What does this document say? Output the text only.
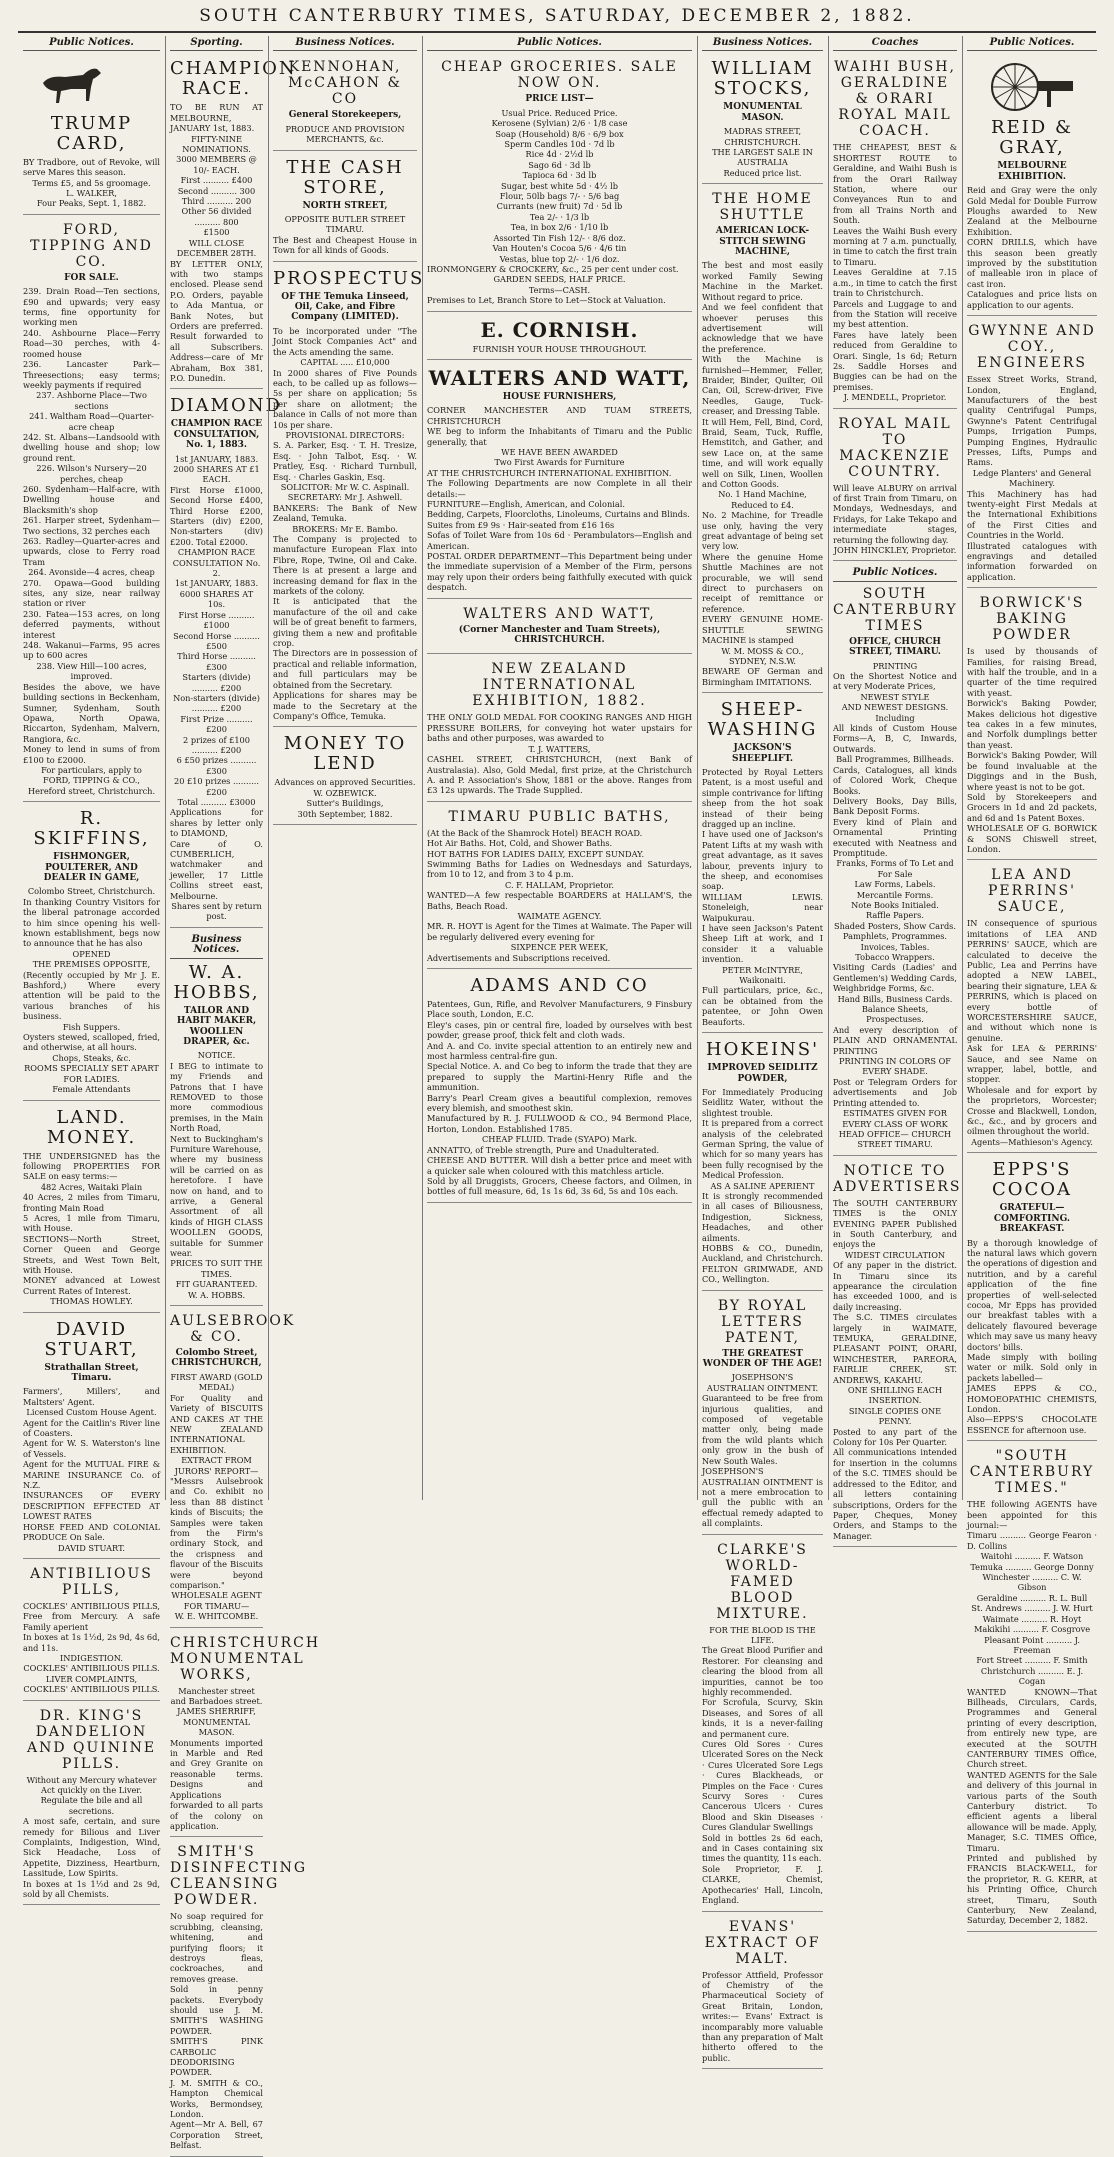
SOUTH CANTERBURY TIMES, SATURDAY, DECEMBER 2, 1882.
Public Notices.
TRUMP CARD,

BY Tradbore, out of Revoke, will serve Mares this season.

Terms £5, and 5s groomage.

L. WALKER,

Four Peaks, Sept. 1, 1882.

FORD, TIPPING AND CO.
FOR SALE.

239. Drain Road—Ten sections, £90 and upwards; very easy terms, fine opportunity for working men

240. Ashbourne Place—Ferry Road—30 perches, with 4-roomed house

236. Lancaster Park—Threesections; easy terms; weekly payments if required

237. Ashborne Place—Two sections

241. Waltham Road—Quarter-acre cheap

242. St. Albans—Landsoold with dwelling house and shop; low ground rent.

226. Wilson's Nursery—20 perches, cheap

260. Sydenham—Half-acre, with Dwelling house and Blacksmith's shop

261. Harper street, Sydenham—Two sections, 32 perches each

263. Radley—Quarter-acres and upwards, close to Ferry road Tram

264. Avonside—4 acres, cheap

270. Opawa—Good building sites, any size, near railway station or river

230. Fatea—153 acres, on long deferred payments, without interest

248. Wakanui—Farms, 95 acres up to 600 acres

238. View Hill—100 acres, improved.

Besides the above, we have building sections in Beckenham, Sumner, Sydenham, South Opawa, North Opawa, Riccarton, Sydenham, Malvern, Rangiora, &c.

Money to lend in sums of from £100 to £2000.

For particulars, apply to

FORD, TIPPING & CO.,

Hereford street, Christchurch.

R. SKIFFINS,
FISHMONGER, POULTERER, AND DEALER IN GAME,

Colombo Street, Christchurch.

In thanking Country Visitors for the liberal patronage accorded to him since opening his well-known establishment, begs now to announce that he has also

OPENED

THE PREMISES OPPOSITE,

(Recently occupied by Mr J. E. Bashford,) Where every attention will be paid to the various branches of his business.

Fish Suppers.

Oysters stewed, scalloped, fried, and otherwise, at all hours.

Chops, Steaks, &c.

ROOMS SPECIALLY SET APART FOR LADIES.

Female Attendants

LAND. MONEY.

THE UNDERSIGNED has the following PROPERTIES FOR SALE on easy terms:—

482 Acres, Waitaki Plain

40 Acres, 2 miles from Timaru, fronting Main Road

5 Acres, 1 mile from Timaru, with House.

SECTIONS—North Street, Corner Queen and George Streets, and West Town Belt, with House.

MONEY advanced at Lowest Current Rates of Interest.

THOMAS HOWLEY.

DAVID STUART,
Strathallan Street, Timaru.

Farmers', Millers', and Maltsters' Agent.

Licensed Custom House Agent.

Agent for the Caitlin's River line of Coasters.

Agent for W. S. Waterston's line of Vessels.

Agent for the MUTUAL FIRE & MARINE INSURANCE Co. of N.Z.

INSURANCES OF EVERY DESCRIPTION EFFECTED AT LOWEST RATES

HORSE FEED AND COLONIAL PRODUCE On Sale.

DAVID STUART.

ANTIBILIOUS PILLS,

COCKLES' ANTIBILIOUS PILLS, Free from Mercury. A safe Family aperient

In boxes at 1s 1½d, 2s 9d, 4s 6d, and 11s.

INDIGESTION.

COCKLES' ANTIBILIOUS PILLS.

LIVER COMPLAINTS,

COCKLES' ANTIBILIOUS PILLS.

DR. KING'S DANDELION AND QUININE PILLS.

Without any Mercury whatever

Act quickly on the Liver.

Regulate the bile and all secretions.

A most safe, certain, and sure remedy for Bilious and Liver Complaints, Indigestion, Wind, Sick Headache, Loss of Appetite, Dizziness, Heartburn, Lassitude, Low Spirits.

In boxes at 1s 1½d and 2s 9d, sold by all Chemists.

Sporting.
CHAMPION RACE.

TO BE RUN AT MELBOURNE, JANUARY 1st, 1883.

FIFTY-NINE NOMINATIONS.

3000 MEMBERS @ 10/- EACH.

First .......... £400

Second .......... 300

Third .......... 200

Other 56 divided .......... 800

£1500

WILL CLOSE DECEMBER 28TH.

BY LETTER ONLY, with two stamps enclosed. Please send P.O. Orders, payable to Ada Mantua, or Bank Notes, but Orders are preferred. Result forwarded to all Subscribers. Address—care of Mr Abraham, Box 381, P.O. Dunedin.

DIAMOND
CHAMPION RACE CONSULTATION, No. 1, 1883.

1st JANUARY, 1883.

2000 SHARES AT £1 EACH.

First Horse £1000, Second Horse £400, Third Horse £200, Starters (div) £200, Non-starters (div) £200. Total £2000.

CHAMPION RACE CONSULTATION No. 2.

1st JANUARY, 1883.

6000 SHARES AT 10s.

First Horse .......... £1000

Second Horse .......... £500

Third Horse .......... £300

Starters (divide) .......... £200

Non-starters (divide) .......... £200

First Prize .......... £200

2 prizes of £100 .......... £200

6 £50 prizes .......... £300

20 £10 prizes .......... £200

Total .......... £3000

Applications for shares by letter only to DIAMOND,

Care of O. CUMBERLICH, watchmaker and jeweller, 17 Little Collins street east, Melbourne.

Shares sent by return post.

Business Notices.
W. A. HOBBS,
TAILOR AND HABIT MAKER, WOOLLEN DRAPER, &c.

NOTICE.

I BEG to intimate to my Friends and Patrons that I have REMOVED to those more commodious premises, in the Main North Road,

Next to Buckingham's Furniture Warehouse,

where my business will be carried on as heretofore. I have now on hand, and to arrive, a General Assortment of all kinds of HIGH CLASS WOOLLEN GOODS, suitable for Summer wear.

PRICES TO SUIT THE TIMES.

FIT GUARANTEED.

W. A. HOBBS.

AULSEBROOK & CO.
Colombo Street, CHRISTCHURCH,

FIRST AWARD (GOLD MEDAL)

For Quality and Variety of BISCUITS AND CAKES AT THE NEW ZEALAND INTERNATIONAL EXHIBITION.

EXTRACT FROM JURORS' REPORT—

"Messrs Aulsebrook and Co. exhibit no less than 88 distinct kinds of Biscuits; the Samples were taken from the Firm's ordinary Stock, and the crispness and flavour of the Biscuits were beyond comparison."

WHOLESALE AGENT FOR TIMARU—

W. E. WHITCOMBE.

CHRISTCHURCH MONUMENTAL WORKS,

Manchester street and Barbadoes street.

JAMES SHERRIFF, MONUMENTAL MASON.

Monuments imported in Marble and Red and Grey Granite on reasonable terms. Designs and Applications forwarded to all parts of the colony on application.

SMITH'S DISINFECTING CLEANSING POWDER.

No soap required for scrubbing, cleansing, whitening, and purifying floors; it destroys fleas, cockroaches, and removes grease.

Sold in penny packets. Everybody should use J. M. SMITH'S WASHING POWDER.

SMITH'S PINK CARBOLIC DEODORISING POWDER.

J. M. SMITH & CO., Hampton Chemical Works, Bermondsey, London.

Agent—Mr A. Bell, 67 Corporation Street, Belfast.

Business Notices.
KENNOHAN, McCAHON & CO
General Storekeepers,

PRODUCE AND PROVISION MERCHANTS, &c.

THE CASH STORE,
NORTH STREET,

OPPOSITE BUTLER STREET

TIMARU.

The Best and Cheapest House in Town for all kinds of Goods.

PROSPECTUS
OF THE Temuka Linseed, Oil, Cake, and Fibre Company (LIMITED).

To be incorporated under "The Joint Stock Companies Act" and the Acts amending the same.

CAPITAL ..... £10,000

In 2000 shares of Five Pounds each, to be called up as follows—5s per share on application; 5s per share on allotment; the balance in Calls of not more than 10s per share.

PROVISIONAL DIRECTORS:

S. A. Parker, Esq. · T. H. Tresize, Esq. · John Talbot, Esq. · W. Pratley, Esq. · Richard Turnbull, Esq. · Charles Gaskin, Esq.

SOLICITOR: Mr W. C. Aspinall.

SECRETARY: Mr J. Ashwell.

BANKERS: The Bank of New Zealand, Temuka.

BROKERS: Mr E. Bambo.

The Company is projected to manufacture European Flax into Fibre, Rope, Twine, Oil and Cake. There is at present a large and increasing demand for flax in the markets of the colony.

It is anticipated that the manufacture of the oil and cake will be of great benefit to farmers, giving them a new and profitable crop.

The Directors are in possession of practical and reliable information, and full particulars may be obtained from the Secretary.

Applications for shares may be made to the Secretary at the Company's Office, Temuka.

MONEY TO LEND

Advances on approved Securities.

W. OZBEWICK.

Sutter's Buildings,

30th September, 1882.

Public Notices.
CHEAP GROCERIES. SALE NOW ON.
PRICE LIST—

Usual Price. Reduced Price.

Kerosene (Sylvian) 2/6 · 1/8 case

Soap (Household) 8/6 · 6/9 box

Sperm Candles 10d · 7d lb

Rice 4d · 2½d lb

Sago 6d · 3d lb

Tapioca 6d · 3d lb

Sugar, best white 5d · 4½ lb

Flour, 50lb bags 7/- · 5/6 bag

Currants (new fruit) 7d · 5d lb

Tea 2/- · 1/3 lb

Tea, in box 2/6 · 1/10 lb

Assorted Tin Fish 12/- · 8/6 doz.

Van Houten's Cocoa 5/6 · 4/6 tin

Vestas, blue top 2/- · 1/6 doz.

IRONMONGERY & CROCKERY, &c., 25 per cent under cost.

GARDEN SEEDS, HALF PRICE.

Terms—CASH.

Premises to Let, Branch Store to Let—Stock at Valuation.

E. CORNISH.

FURNISH YOUR HOUSE THROUGHOUT.

WALTERS AND WATT,
HOUSE FURNISHERS,

CORNER MANCHESTER AND TUAM STREETS, CHRISTCHURCH

WE beg to inform the Inhabitants of Timaru and the Public generally, that

WE HAVE BEEN AWARDED

Two First Awards for Furniture

AT THE CHRISTCHURCH INTERNATIONAL EXHIBITION.

The Following Departments are now Complete in all their details:—

FURNITURE—English, American, and Colonial.

Bedding, Carpets, Floorcloths, Linoleums, Curtains and Blinds.

Suites from £9 9s · Hair-seated from £16 16s

Sofas of Toilet Ware from 10s 6d · Perambulators—English and American.

POSTAL ORDER DEPARTMENT—This Department being under the immediate supervision of a Member of the Firm, persons may rely upon their orders being faithfully executed with quick despatch.

WALTERS AND WATT,
(Corner Manchester and Tuam Streets), CHRISTCHURCH.
NEW ZEALAND INTERNATIONAL EXHIBITION, 1882.

THE ONLY GOLD MEDAL FOR COOKING RANGES AND HIGH PRESSURE BOILERS, for conveying hot water upstairs for baths and other purposes, was awarded to

T. J. WATTERS,

CASHEL STREET, CHRISTCHURCH, (next Bank of Australasia). Also, Gold Medal, first prize, at the Christchurch A. and P. Association's Show, 1881 or the above. Ranges from £3 12s upwards. The Trade Supplied.

TIMARU PUBLIC BATHS,

(At the Back of the Shamrock Hotel) BEACH ROAD.

Hot Air Baths. Hot, Cold, and Shower Baths.

HOT BATHS FOR LADIES DAILY, EXCEPT SUNDAY.

Swimming Baths for Ladies on Wednesdays and Saturdays, from 10 to 12, and from 3 to 4 p.m.

C. F. HALLAM, Proprietor.

WANTED—A few respectable BOARDERS at HALLAM'S, the Baths, Beach Road.

WAIMATE AGENCY.

MR. R. HOYT is Agent for the Times at Waimate. The Paper will be regularly delivered every evening for

SIXPENCE PER WEEK,

Advertisements and Subscriptions received.

ADAMS AND CO

Patentees, Gun, Rifle, and Revolver Manufacturers, 9 Finsbury Place south, London, E.C.

Eley's cases, pin or central fire, loaded by ourselves with best powder, grease proof, thick felt and cloth wads.

And A. and Co. invite special attention to an entirely new and most harmless central-fire gun.

Special Notice. A. and Co beg to inform the trade that they are prepared to supply the Martini-Henry Rifle and the ammunition.

Barry's Pearl Cream gives a beautiful complexion, removes every blemish, and smoothest skin.

Manufactured by R. J. FULLWOOD & CO., 94 Bermond Place, Horton, London. Established 1785.

CHEAP FLUID. Trade (SYAPO) Mark.

ANNATTO, of Treble strength, Pure and Unadulterated.

CHEESE AND BUTTER. Will dish a better price and meet with a quicker sale when coloured with this matchless article.

Sold by all Druggists, Grocers, Cheese factors, and Oilmen, in bottles of full measure, 6d, 1s 1s 6d, 3s 6d, 5s and 10s each.

Business Notices.
WILLIAM STOCKS,
MONUMENTAL MASON.

MADRAS STREET, CHRISTCHURCH.

THE LARGEST SALE IN AUSTRALIA

Reduced price list.

THE HOME SHUTTLE
AMERICAN LOCK-STITCH SEWING MACHINE,

The best and most easily worked Family Sewing Machine in the Market. Without regard to price.

And we feel confident that whoever peruses this advertisement will acknowledge that we have the preference.

With the Machine is furnished—Hemmer, Feller, Braider, Binder, Quilter, Oil Can, Oil, Screw-driver, Five Needles, Gauge, Tuck-creaser, and Dressing Table.

It will Hem, Fell, Bind, Cord, Braid, Seam, Tuck, Ruffle, Hemstitch, and Gather, and sew Lace on, at the same time, and will work equally well on Silk, Linen, Woollen and Cotton Goods.

No. 1 Hand Machine, Reduced to £4.

No. 2 Machine, for Treadle use only, having the very great advantage of being set very low.

Where the genuine Home Shuttle Machines are not procurable, we will send direct to purchasers on receipt of remittance or reference.

EVERY GENUINE HOME-SHUTTLE SEWING MACHINE is stamped

W. M. MOSS & CO., SYDNEY, N.S.W.

BEWARE OF German and Birmingham IMITATIONS.

SHEEP-WASHING
JACKSON'S SHEEPLIFT.

Protected by Royal Letters Patent, is a most useful and simple contrivance for lifting sheep from the hot soak instead of their being dragged up an incline.

I have used one of Jackson's Patent Lifts at my wash with great advantage, as it saves labour, prevents injury to the sheep, and economises soap.

WILLIAM LEWIS. Stoneleigh, near Waipukurau.

I have seen Jackson's Patent Sheep Lift at work, and I consider it a valuable invention.

PETER McINTYRE, Waikonaiti.

Full particulars, price, &c., can be obtained from the patentee, or John Owen Beauforts.

HOKEINS'
IMPROVED SEIDLITZ POWDER,

For Immediately Producing Seidlitz Water, without the slightest trouble.

It is prepared from a correct analysis of the celebrated German Spring, the value of which for so many years has been fully recognised by the Medical Profession.

AS A SALINE APERIENT

It is strongly recommended in all cases of Biliousness, Indigestion, Sickness, Headaches, and other ailments.

HOBBS & CO., Dunedin, Auckland, and Christchurch. FELTON GRIMWADE, AND CO., Wellington.

BY ROYAL LETTERS PATENT,
THE GREATEST WONDER OF THE AGE!

JOSEPHSON'S AUSTRALIAN OINTMENT.

Guaranteed to be free from injurious qualities, and composed of vegetable matter only, being made from the wild plants which only grow in the bush of New South Wales.

JOSEPHSON'S AUSTRALIAN OINTMENT is not a mere embrocation to gull the public with an effectual remedy adapted to all complaints.

CLARKE'S WORLD-FAMED BLOOD MIXTURE.

FOR THE BLOOD IS THE LIFE.

The Great Blood Purifier and Restorer. For cleansing and clearing the blood from all impurities, cannot be too highly recommended.

For Scrofula, Scurvy, Skin Diseases, and Sores of all kinds, it is a never-failing and permanent cure.

Cures Old Sores · Cures Ulcerated Sores on the Neck · Cures Ulcerated Sore Legs · Cures Blackheads, or Pimples on the Face · Cures Scurvy Sores · Cures Cancerous Ulcers · Cures Blood and Skin Diseases · Cures Glandular Swellings

Sold in bottles 2s 6d each, and in Cases containing six times the quantity, 11s each.

Sole Proprietor, F. J. CLARKE, Chemist, Apothecaries' Hall, Lincoln, England.

EVANS' EXTRACT OF MALT.

Professor Attfield, Professor of Chemistry of the Pharmaceutical Society of Great Britain, London, writes:— Evans' Extract is incomparably more valuable than any preparation of Malt hitherto offered to the public.

Coaches
WAIHI BUSH, GERALDINE & ORARI ROYAL MAIL COACH.

THE CHEAPEST, BEST & SHORTEST ROUTE to Geraldine, and Waihi Bush is from the Orari Railway Station, where our Conveyances Run to and from all Trains North and South.

Leaves the Waihi Bush every morning at 7 a.m. punctually, in time to catch the first train to Timaru.

Leaves Geraldine at 7.15 a.m., in time to catch the first train to Christchurch.

Parcels and Luggage to and from the Station will receive my best attention.

Fares have lately been reduced from Geraldine to Orari. Single, 1s 6d; Return 2s. Saddle Horses and Buggies can be had on the premises.

J. MENDELL, Proprietor.

ROYAL MAIL TO MACKENZIE COUNTRY.

Will leave ALBURY on arrival of first Train from Timaru, on Mondays, Wednesdays, and Fridays, for Lake Tekapo and intermediate stages, returning the following day.

JOHN HINCKLEY, Proprietor.

Public Notices.
SOUTH CANTERBURY TIMES
OFFICE, CHURCH STREET, TIMARU.

PRINTING

On the Shortest Notice and at very Moderate Prices,

NEWEST STYLE

AND NEWEST DESIGNS.

Including

All kinds of Custom House Forms—A, B, C, Inwards, Outwards.

Ball Programmes, Billheads.

Cards, Catalogues, all kinds of Colored Work, Cheque Books.

Delivery Books, Day Bills, Bank Deposit Forms.

Every kind of Plain and Ornamental Printing executed with Neatness and Promptitude.

Franks, Forms of To Let and For Sale

Law Forms, Labels.

Mercantile Forms.

Note Books Initialed.

Raffle Papers.

Shaded Posters, Show Cards.

Pamphlets, Programmes.

Invoices, Tables.

Tobacco Wrappers.

Visiting Cards (Ladies' and Gentlemen's) Wedding Cards, Weighbridge Forms, &c.

Hand Bills, Business Cards.

Balance Sheets, Prospectuses.

And every description of PLAIN AND ORNAMENTAL PRINTING

PRINTING IN COLORS OF EVERY SHADE.

Post or Telegram Orders for advertisements and Job Printing attended to.

ESTIMATES GIVEN FOR EVERY CLASS OF WORK

HEAD OFFICE— CHURCH STREET TIMARU.

NOTICE TO ADVERTISERS

The SOUTH CANTERBURY TIMES is the ONLY EVENING PAPER Published in South Canterbury, and enjoys the

WIDEST CIRCULATION

Of any paper in the district. In Timaru since its appearance the circulation has exceeded 1000, and is daily increasing.

The S.C. TIMES circulates largely in WAIMATE, TEMUKA, GERALDINE, PLEASANT POINT, ORARI, WINCHESTER, PAREORA, FAIRLIE CREEK, ST. ANDREWS, KAKAHU.

ONE SHILLING EACH INSERTION.

SINGLE COPIES ONE PENNY.

Posted to any part of the Colony for 10s Per Quarter.

All communications intended for insertion in the columns of the S.C. TIMES should be addressed to the Editor, and all letters containing subscriptions, Orders for the Paper, Cheques, Money Orders, and Stamps to the Manager.

Public Notices.
REID & GRAY,
MELBOURNE EXHIBITION.

Reid and Gray were the only Gold Medal for Double Furrow Ploughs awarded to New Zealand at the Melbourne Exhibition.

CORN DRILLS, which have this season been greatly improved by the substitution of malleable iron in place of cast iron.

Catalogues and price lists on application to our agents.

GWYNNE AND COY., ENGINEERS

Essex Street Works, Strand, London, England, Manufacturers of the best quality Centrifugal Pumps, Gwynne's Patent Centrifugal Pumps, Irrigation Pumps, Pumping Engines, Hydraulic Presses, Lifts, Pumps and Rams.

Ledge Planters' and General Machinery.

This Machinery has had twenty-eight First Medals at the International Exhibitions of the First Cities and Countries in the World.

Illustrated catalogues with engravings and detailed information forwarded on application.

BORWICK'S BAKING POWDER

Is used by thousands of Families, for raising Bread, with half the trouble, and in a quarter of the time required with yeast.

Borwick's Baking Powder, Makes delicious hot digestive tea cakes in a few minutes, and Norfolk dumplings better than yeast.

Borwick's Baking Powder, Will be found invaluable at the Diggings and in the Bush, where yeast is not to be got.

Sold by Storekeepers and Grocers in 1d and 2d packets, and 6d and 1s Patent Boxes.

WHOLESALE OF G. BORWICK & SONS Chiswell street, London.

LEA AND PERRINS' SAUCE,

IN consequence of spurious imitations of LEA AND PERRINS' SAUCE, which are calculated to deceive the Public, Lea and Perrins have adopted a NEW LABEL, bearing their signature, LEA & PERRINS, which is placed on every bottle of WORCESTERSHIRE SAUCE, and without which none is genuine.

Ask for LEA & PERRINS' Sauce, and see Name on wrapper, label, bottle, and stopper.

Wholesale and for export by the proprietors, Worcester; Crosse and Blackwell, London, &c., &c., and by grocers and oilmen throughout the world.

Agents—Mathieson's Agency.

EPPS'S COCOA
GRATEFUL—COMFORTING. BREAKFAST.

By a thorough knowledge of the natural laws which govern the operations of digestion and nutrition, and by a careful application of the fine properties of well-selected cocoa, Mr Epps has provided our breakfast tables with a delicately flavoured beverage which may save us many heavy doctors' bills.

Made simply with boiling water or milk. Sold only in packets labelled—

JAMES EPPS & CO., HOMOEOPATHIC CHEMISTS, London.

Also—EPPS'S CHOCOLATE ESSENCE for afternoon use.

"SOUTH CANTERBURY TIMES."

THE following AGENTS have been appointed for this journal:—

Timaru .......... George Fearon · D. Collins

Waitohi .......... F. Watson

Temuka .......... George Donny

Winchester .......... C. W. Gibson

Geraldine .......... R. L. Bull

St. Andrews .......... J. W. Hurt

Waimate .......... R. Hoyt

Makikihi .......... F. Cosgrove

Pleasant Point .......... J. Freeman

Fort Street .......... F. Smith

Christchurch .......... E. J. Cogan

WANTED KNOWN—That Billheads, Circulars, Cards, Programmes and General printing of every description, from entirely new type, are executed at the SOUTH CANTERBURY TIMES Office, Church street.

WANTED AGENTS for the Sale and delivery of this journal in various parts of the South Canterbury district. To efficient agents a liberal allowance will be made. Apply, Manager, S.C. TIMES Office, Timaru.

Printed and published by FRANCIS BLACK-WELL, for the proprietor, R. G. KERR, at his Printing Office, Church street, Timaru, South Canterbury, New Zealand, Saturday, December 2, 1882.
